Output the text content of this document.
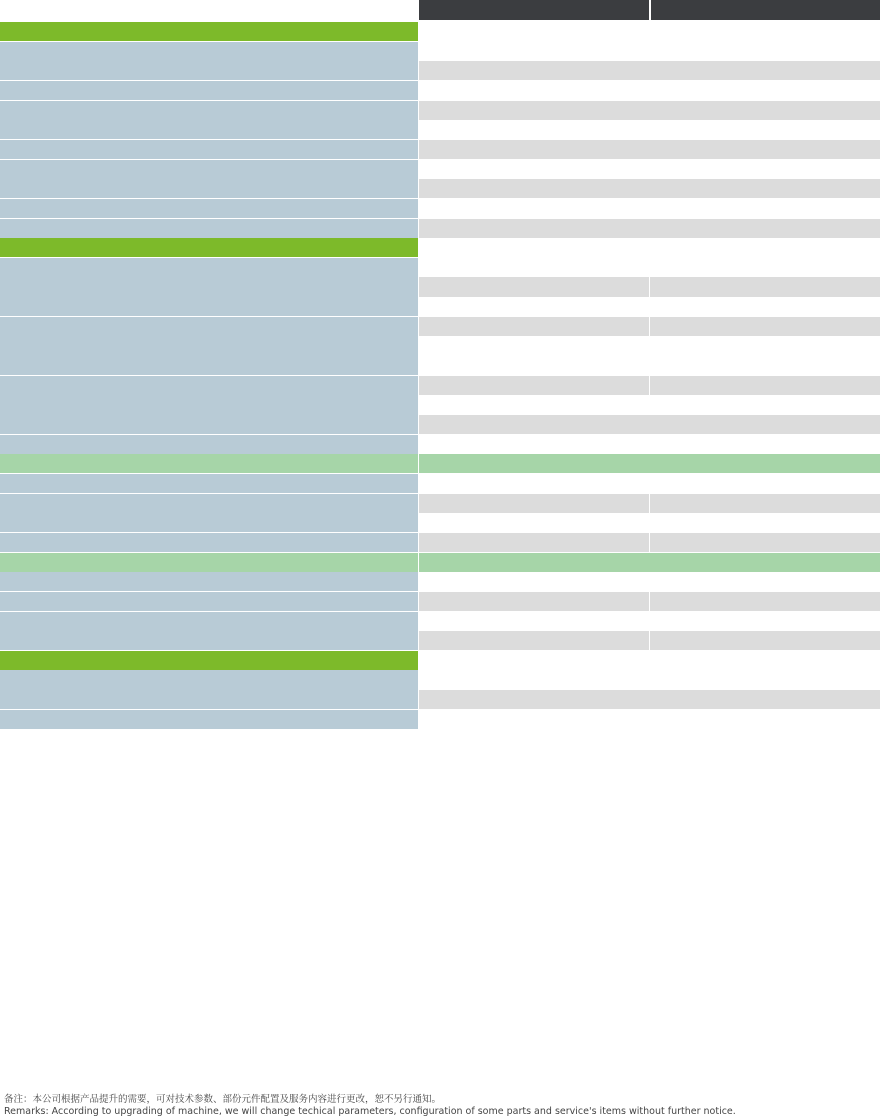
备注：本公司根据产品提升的需要，可对技术参数、部份元件配置及服务内容进行更改，恕不另行通知。
Remarks: According to upgrading of machine, we will change techical parameters, configuration of some parts and service's items without further notice.
